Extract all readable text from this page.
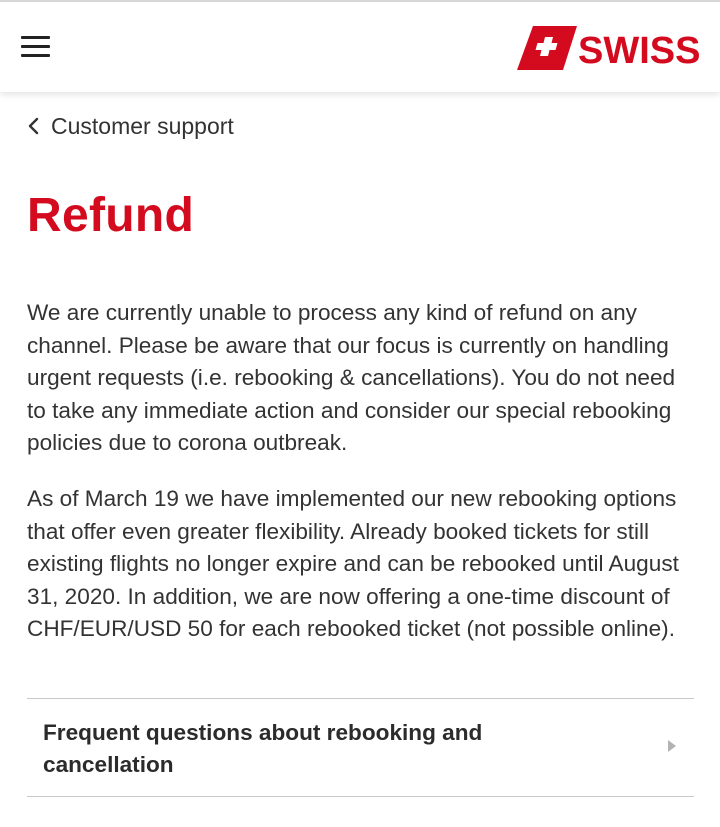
SWISS
Customer support
Refund

We are currently unable to process any kind of refund on any channel. Please be aware that our focus is currently on handling urgent requests (i.e. rebooking & cancellations). You do not need to take any immediate action and consider our special rebooking policies due to corona outbreak.

As of March 19 we have implemented our new rebooking options that offer even greater flexibility. Already booked tickets for still existing flights no longer expire and can be rebooked until August 31, 2020. In addition, we are now offering a one-time discount of CHF/EUR/USD 50 for each rebooked ticket (not possible online).

Frequent questions about rebooking and cancellation
